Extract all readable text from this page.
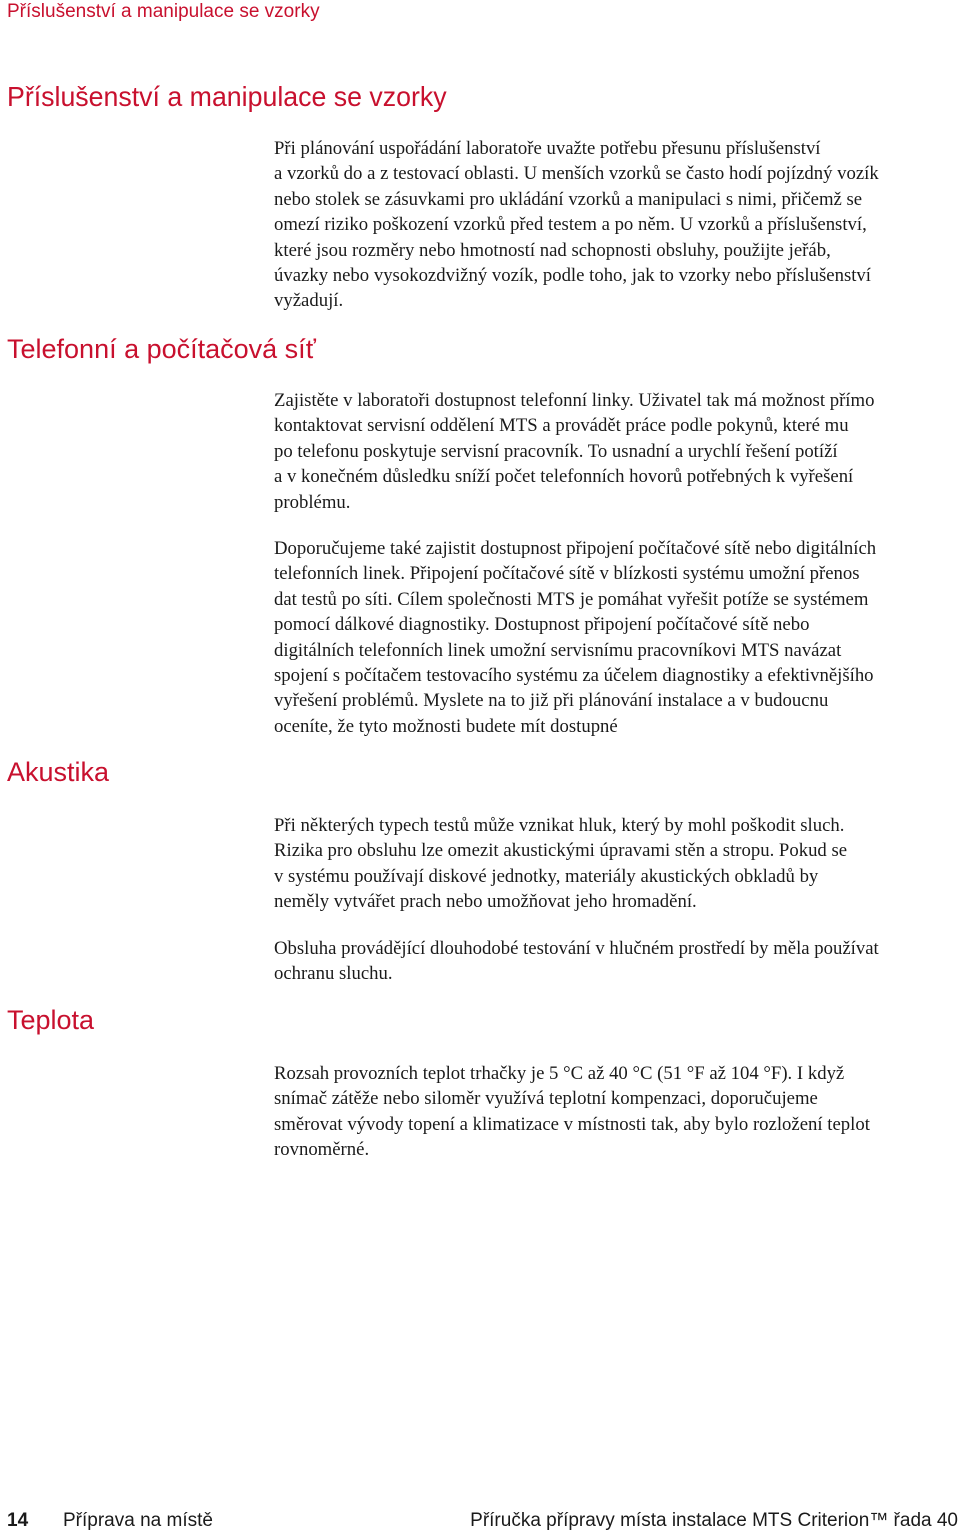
Příslušenství a manipulace se vzorky
Příslušenství a manipulace se vzorky
Při plánování uspořádání laboratoře uvažte potřebu přesunu příslušenství
a vzorků do a z testovací oblasti. U menších vzorků se často hodí pojízdný vozík
nebo stolek se zásuvkami pro ukládání vzorků a manipulaci s nimi, přičemž se
omezí riziko poškození vzorků před testem a po něm. U vzorků a příslušenství,
které jsou rozměry nebo hmotností nad schopnosti obsluhy, použijte jeřáb,
úvazky nebo vysokozdvižný vozík, podle toho, jak to vzorky nebo příslušenství
vyžadují.

Telefonní a počítačová síť
Zajistěte v laboratoři dostupnost telefonní linky. Uživatel tak má možnost přímo
kontaktovat servisní oddělení MTS a provádět práce podle pokynů, které mu
po telefonu poskytuje servisní pracovník. To usnadní a urychlí řešení potíží
a v konečném důsledku sníží počet telefonních hovorů potřebných k vyřešení
problému.

Doporučujeme také zajistit dostupnost připojení počítačové sítě nebo digitálních
telefonních linek. Připojení počítačové sítě v blízkosti systému umožní přenos
dat testů po síti. Cílem společnosti MTS je pomáhat vyřešit potíže se systémem
pomocí dálkové diagnostiky. Dostupnost připojení počítačové sítě nebo
digitálních telefonních linek umožní servisnímu pracovníkovi MTS navázat
spojení s počítačem testovacího systému za účelem diagnostiky a efektivnějšího
vyřešení problémů. Myslete na to již při plánování instalace a v budoucnu
oceníte, že tyto možnosti budete mít dostupné

Akustika
Při některých typech testů může vznikat hluk, který by mohl poškodit sluch.
Rizika pro obsluhu lze omezit akustickými úpravami stěn a stropu. Pokud se
v systému používají diskové jednotky, materiály akustických obkladů by
neměly vytvářet prach nebo umožňovat jeho hromadění.

Obsluha provádějící dlouhodobé testování v hlučném prostředí by měla používat
ochranu sluchu.

Teplota
Rozsah provozních teplot trhačky je 5 °C až 40 °C (51 °F až 104 °F). I když
snímač zátěže nebo siloměr využívá teplotní kompenzaci, doporučujeme
směrovat vývody topení a klimatizace v místnosti tak, aby bylo rozložení teplot
rovnoměrné.

14 Příprava na místě	Příručka přípravy místa instalace MTS Criterion™ řada 40
